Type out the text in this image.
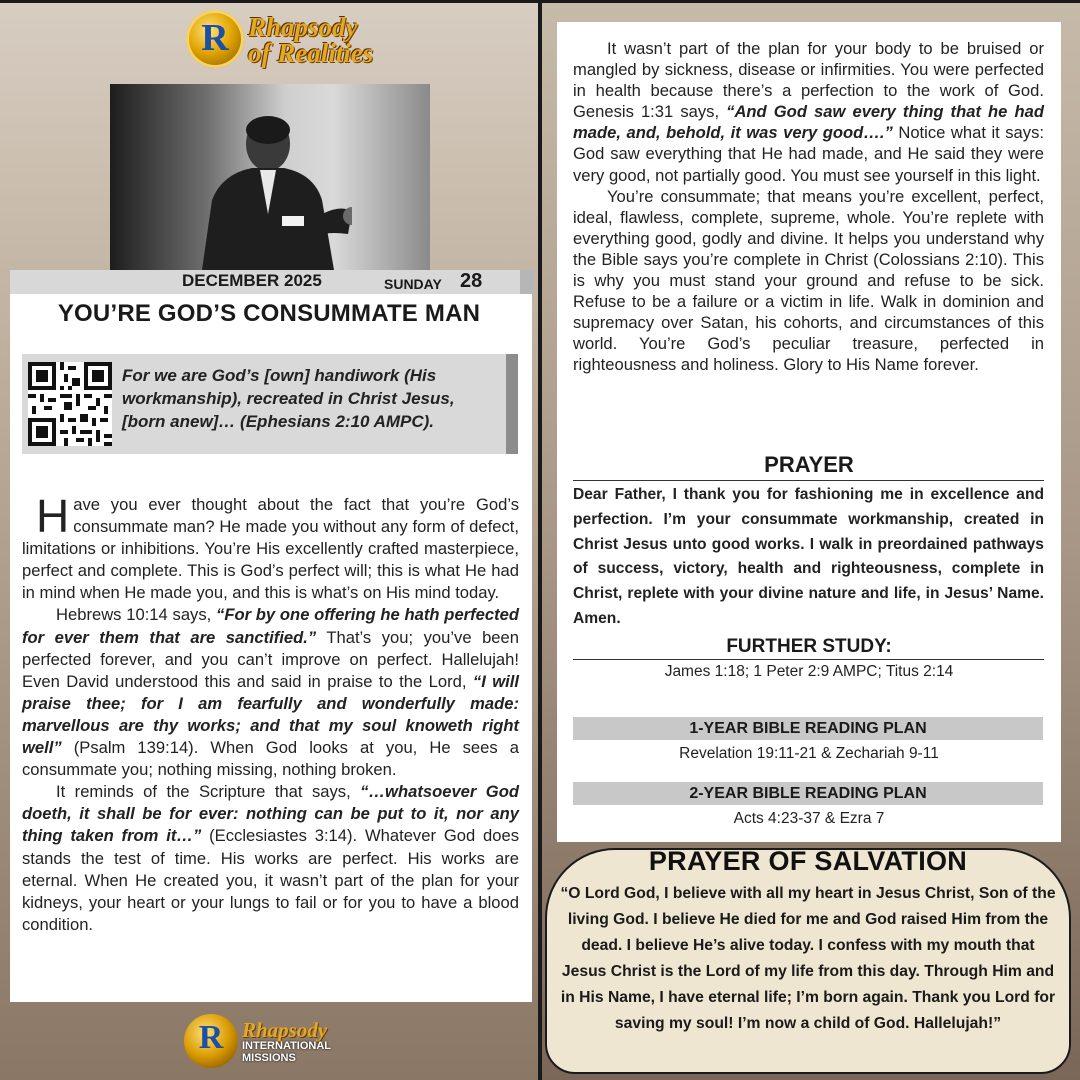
R Rhapsody
of Realities
DECEMBER 2025	SUNDAY 28
YOU’RE GOD’S CONSUMMATE MAN
For we are God’s [own] handiwork (His workmanship), recreated in Christ Jesus, [born anew]… (Ephesians 2:10 AMPC).

Have you ever thought about the fact that you’re God’s consummate man? He made you without any form of defect, limitations or inhibitions. You’re His excellently crafted masterpiece, perfect and complete. This is God’s perfect will; this is what He had in mind when He made you, and this is what’s on His mind today.

Hebrews 10:14 says, “For by one offering he hath perfected for ever them that are sanctified.” That’s you; you’ve been perfected forever, and you can’t improve on perfect. Hallelujah! Even David understood this and said in praise to the Lord, “I will praise thee; for I am fearfully and wonderfully made: marvellous are thy works; and that my soul knoweth right well” (Psalm 139:14). When God looks at you, He sees a consummate you; nothing missing, nothing broken.

It reminds of the Scripture that says, “…whatsoever God doeth, it shall be for ever: nothing can be put to it, nor any thing taken from it…” (Ecclesiastes 3:14). Whatever God does stands the test of time. His works are perfect. His works are eternal. When He created you, it wasn’t part of the plan for your kidneys, your heart or your lungs to fail or for you to have a blood condition.

R Rhapsody
INTERNATIONAL
MISSIONS

It wasn’t part of the plan for your body to be bruised or mangled by sickness, disease or infirmities. You were perfected in health because there’s a perfection to the work of God. Genesis 1:31 says, “And God saw every thing that he had made, and, behold, it was very good….” Notice what it says: God saw everything that He had made, and He said they were very good, not partially good. You must see yourself in this light.

You’re consummate; that means you’re excellent, perfect, ideal, flawless, complete, supreme, whole. You’re replete with everything good, godly and divine. It helps you understand why the Bible says you’re complete in Christ (Colossians 2:10). This is why you must stand your ground and refuse to be sick. Refuse to be a failure or a victim in life. Walk in dominion and supremacy over Satan, his cohorts, and circumstances of this world. You’re God’s peculiar treasure, perfected in righteousness and holiness. Glory to His Name forever.

PRAYER
Dear Father, I thank you for fashioning me in excellence and perfection. I’m your consummate workmanship, created in Christ Jesus unto good works. I walk in preordained pathways of success, victory, health and righteousness, complete in Christ, replete with your divine nature and life, in Jesus’ Name. Amen.
FURTHER STUDY:
James 1:18; 1 Peter 2:9 AMPC; Titus 2:14
1-YEAR BIBLE READING PLAN
Revelation 19:11-21 & Zechariah 9-11
2-YEAR BIBLE READING PLAN
Acts 4:23-37 & Ezra 7
PRAYER OF SALVATION
“O Lord God, I believe with all my heart in Jesus Christ, Son of the living God. I believe He died for me and God raised Him from the dead. I believe He’s alive today. I confess with my mouth that Jesus Christ is the Lord of my life from this day. Through Him and in His Name, I have eternal life; I’m born again. Thank you Lord for saving my soul! I’m now a child of God. Hallelujah!”
